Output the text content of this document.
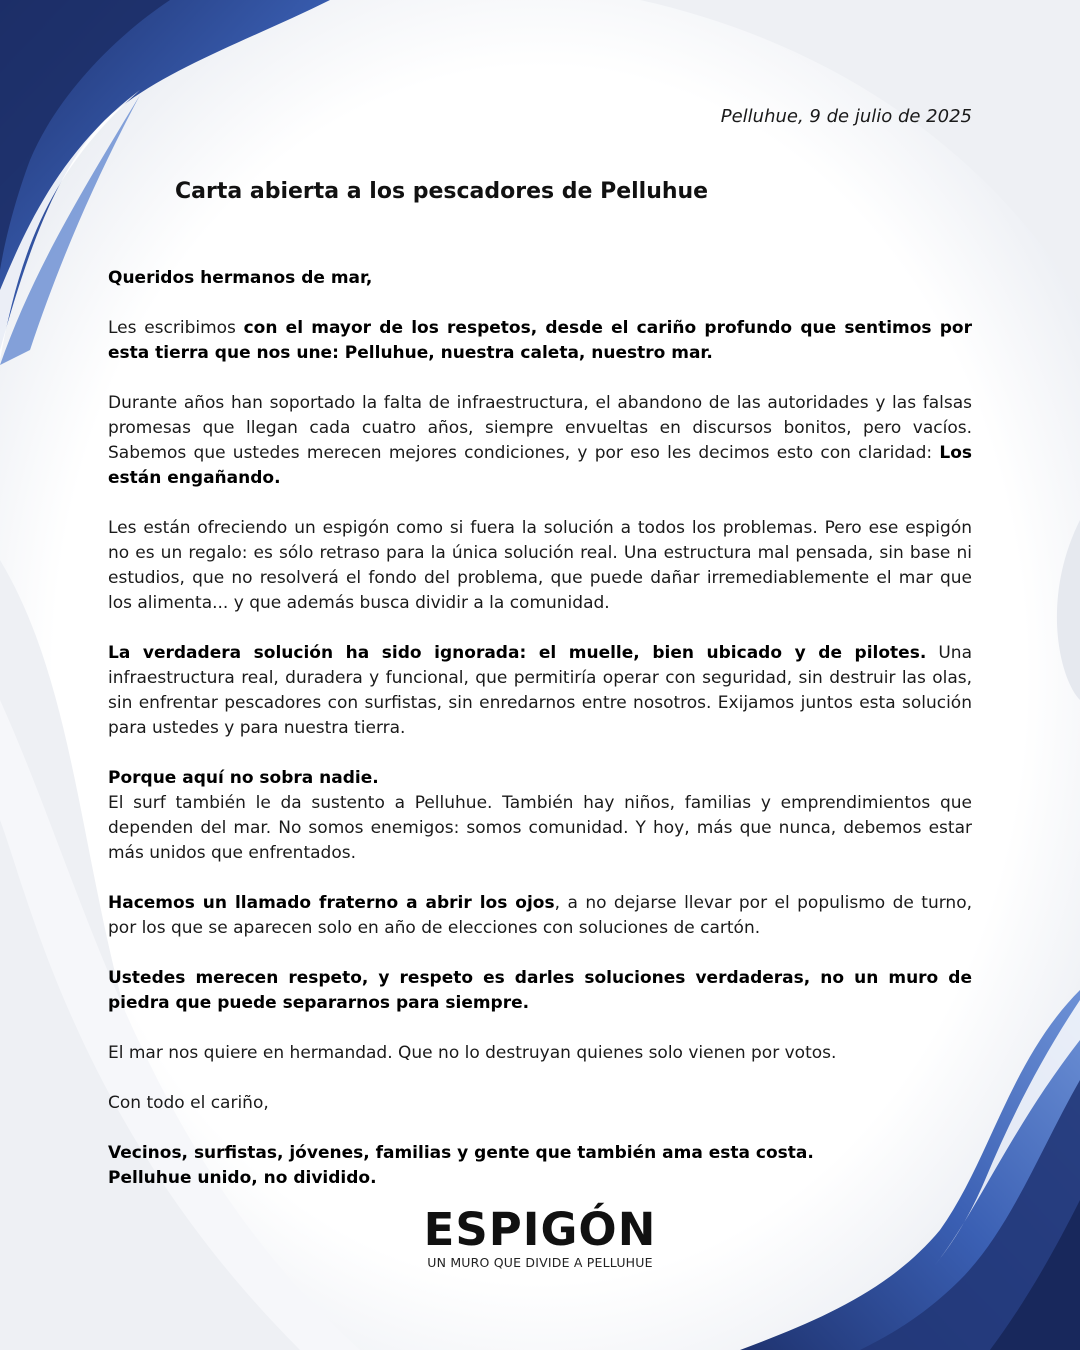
Pelluhue, 9 de julio de 2025
Carta abierta a los pescadores de Pelluhue

Queridos hermanos de mar,

Les escribimos con el mayor de los respetos, desde el cariño profundo que sentimos por esta tierra que nos une: Pelluhue, nuestra caleta, nuestro mar.

Durante años han soportado la falta de infraestructura, el abandono de las autoridades y las falsas promesas que llegan cada cuatro años, siempre envueltas en discursos bonitos, pero vacíos. Sabemos que ustedes merecen mejores condiciones, y por eso les decimos esto con claridad: Los están engañando.

Les están ofreciendo un espigón como si fuera la solución a todos los problemas. Pero ese espigón no es un regalo: es sólo retraso para la única solución real. Una estructura mal pensada, sin base ni estudios, que no resolverá el fondo del problema, que puede dañar irremediablemente el mar que los alimenta... y que además busca dividir a la comunidad.

La verdadera solución ha sido ignorada: el muelle, bien ubicado y de pilotes. Una infraestructura real, duradera y funcional, que permitiría operar con seguridad, sin destruir las olas, sin enfrentar pescadores con surfistas, sin enredarnos entre nosotros. Exijamos juntos esta solución para ustedes y para nuestra tierra.

Porque aquí no sobra nadie.
El surf también le da sustento a Pelluhue. También hay niños, familias y emprendimientos que dependen del mar. No somos enemigos: somos comunidad. Y hoy, más que nunca, debemos estar más unidos que enfrentados.

Hacemos un llamado fraterno a abrir los ojos, a no dejarse llevar por el populismo de turno, por los que se aparecen solo en año de elecciones con soluciones de cartón.

Ustedes merecen respeto, y respeto es darles soluciones verdaderas, no un muro de piedra que puede separarnos para siempre.

El mar nos quiere en hermandad. Que no lo destruyan quienes solo vienen por votos.

Con todo el cariño,

Vecinos, surfistas, jóvenes, familias y gente que también ama esta costa.
Pelluhue unido, no dividido.

ESPIGÓN
UN MURO QUE DIVIDE A PELLUHUE
